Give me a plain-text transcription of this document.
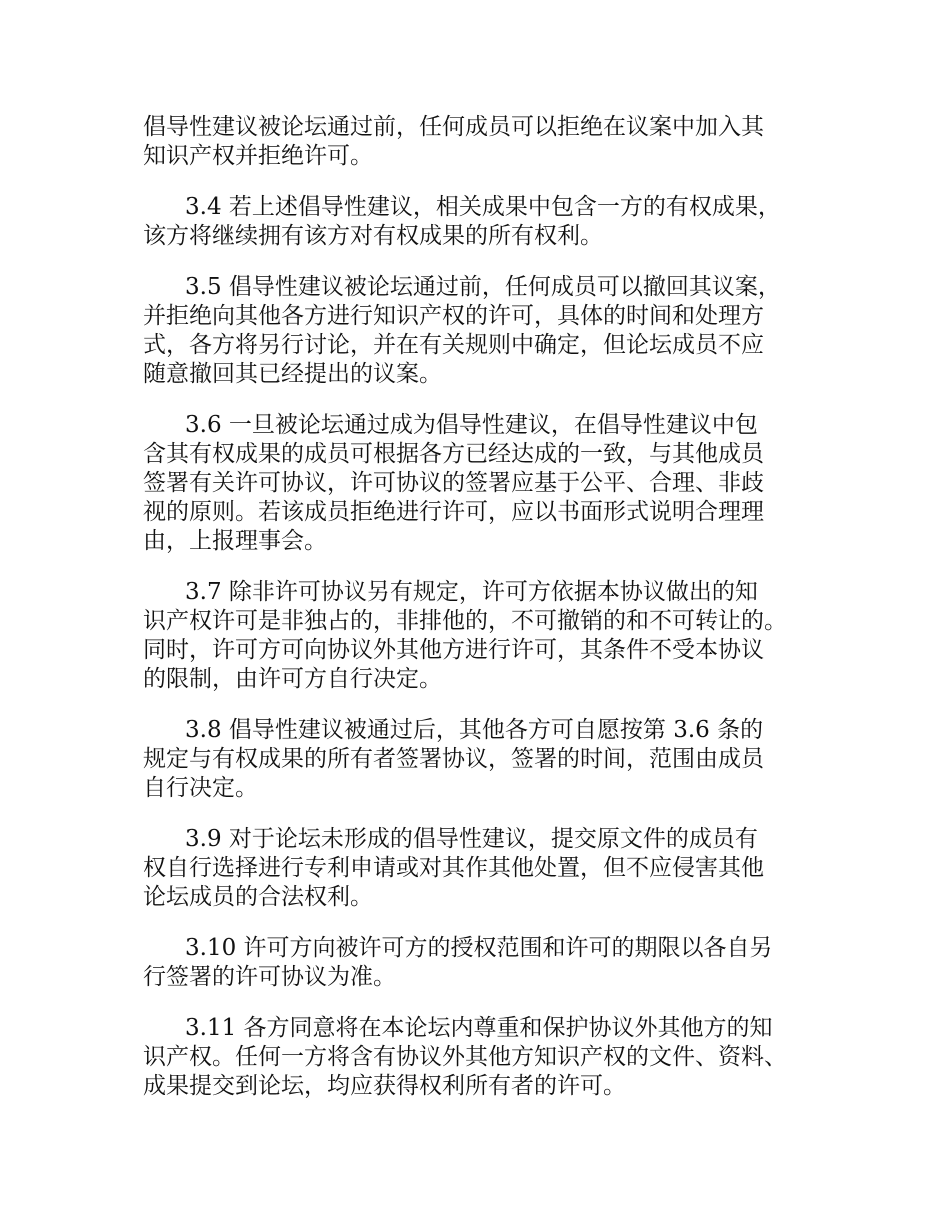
倡导性建议被论坛通过前，任何成员可以拒绝在议案中加入其
知识产权并拒绝许可。
3.4 若上述倡导性建议，相关成果中包含一方的有权成果，
该方将继续拥有该方对有权成果的所有权利。
3.5 倡导性建议被论坛通过前，任何成员可以撤回其议案，
并拒绝向其他各方进行知识产权的许可，具体的时间和处理方
式，各方将另行讨论，并在有关规则中确定，但论坛成员不应
随意撤回其已经提出的议案。
3.6 一旦被论坛通过成为倡导性建议，在倡导性建议中包
含其有权成果的成员可根据各方已经达成的一致，与其他成员
签署有关许可协议，许可协议的签署应基于公平、合理、非歧
视的原则。若该成员拒绝进行许可，应以书面形式说明合理理
由，上报理事会。
3.7 除非许可协议另有规定，许可方依据本协议做出的知
识产权许可是非独占的，非排他的，不可撤销的和不可转让的。
同时，许可方可向协议外其他方进行许可，其条件不受本协议
的限制，由许可方自行决定。
3.8 倡导性建议被通过后，其他各方可自愿按第 3.6 条的
规定与有权成果的所有者签署协议，签署的时间，范围由成员
自行决定。
3.9 对于论坛未形成的倡导性建议，提交原文件的成员有
权自行选择进行专利申请或对其作其他处置，但不应侵害其他
论坛成员的合法权利。
3.10 许可方向被许可方的授权范围和许可的期限以各自另
行签署的许可协议为准。
3.11 各方同意将在本论坛内尊重和保护协议外其他方的知
识产权。任何一方将含有协议外其他方知识产权的文件、资料、
成果提交到论坛，均应获得权利所有者的许可。
